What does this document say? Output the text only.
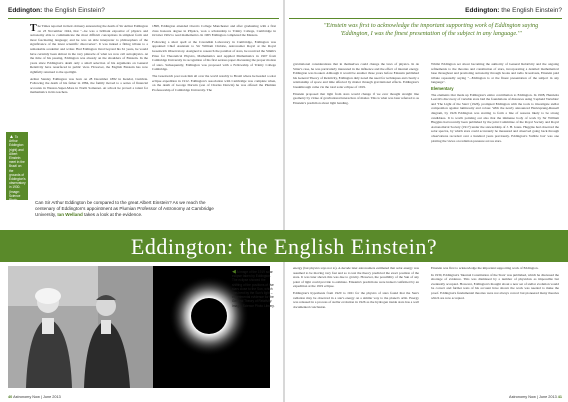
Eddington: the English Einstein?

The Times reported in their obituary announcing the death of Sir Arthur Eddington on 23 November 1944, that "...he was a brilliant expositor of physics and astronomy able to communicate the most difficult conceptions in simplest form and most fascinating language; and he was an able interpreter to philosophers of the significance of the latest scientific discoveries". It was indeed a fitting tribute to a remarkable academic and writer. Had Eddington lived beyond his 61 years, he would have certainly been almost in the very pinnacle of what we now call astrophysics. At the time of his passing, Eddington was already on the shoulders of Einstein. In the years since Eddington's death only a small selection of his arguments on General Relativity have resurfaced in public view. However, the English Einstein has now rightfully returned to the spotlight.

Arthur Stanley Eddington was born on 28 December 1882 in Kendal, Cumbria. Following the death of his father in 1884, the family moved to a series of financial accounts in Weston-Super-Mare in North Somerset. At school he proved a talent for mathematics in his teachers.

1898, Eddington attended Owen's College Manchester and after graduating with a first class honours degree in Physics, won a scholarship to Trinity College, Cambridge in October 1902 to read mathematics. In 1905 Eddington completed the Masters.

Following a short spell at the Cavendish Laboratory in Cambridge, Eddington was appointed Chief Assistant to Sir William Christie, Astronomer Royal at the Royal Greenwich Observatory. Assigned to research the parallax of stars, he received the Smith's Prize for Theoretical Physics, Mathematics and Applied Mathematics in 1907 from Cambridge University in recognition of his first serious paper discussing the proper motion of stars. Subsequently, Eddington was proposed with a Fellowship of Trinity College Cambridge.

The Greenwich post took him all over the world notably to Brazil where he headed a solar eclipse expedition in 1912. Eddington's association with Cambridge was complete when, on the death of George Darwin (son of Charles Darwin) he was offered the Plumian Professorship of Cambridge University. The

▲ To Arthur Eddington (right) and Albert Einstein meet in the Brazil on the grounds of Eddington's observatory in 1930. (Image: Science Photo Library)	Can Sir Arthur Eddington be compared to the great Albert Einstein? As we reach the centenary of Eddington's appointment as Plumian Professor of Astronomy at Cambridge University, Ian Welland takes a look at the evidence.
◀ A image of the 1919 solar eclipse taken by Eddington. The eclipse showed the shifting of the positions of five stars close to the Sun, which was bent by the Sun's light – experimental evidence for the General Theory of Relativity. Image: Science Photo Library.
40 Astronomy Now | June 2013
Eddington: the English Einstein?
"Einstein was first to acknowledge the important supporting work of Eddington saying 'Eddington, I was the finest presentation of the subject in any language.'"

gravitational considerations that in themselves could change the laws of physics. In de Sitter's case, he was particularly interested in the influence and the effect of internal energy. Eddington was hooked. Although it would be another three years before Einstein published his General Theory of Relativity, Eddington duly noted the need for techniques and clearly a relationship of space and time affected by matter through gravitational effects. Eddington's breakthrough came via the total solar eclipse of 1919.

Einstein proposed that light from stars would change if we ever thought straight line geometry by virtue of gravitational interaction of matter. This is what was later referred to as Einstein's prediction about light bending.

Whilst Eddington set about becoming the authority of General Relativity and the ongoing refinements to the theories and constitution of stars, incorporating a detailed mathematical base throughout and promoting astronomy through books and radio broadcasts, Einstein paid tribute repeatedly saying "...Eddington is at the finest presentation of the subject in any language".

Elementary

The elements that made up Eddington's entire contribution to Eddington. In 1908, Henrietta Leavitt's discovery of variable stars laid the foundations of distances using 'Cepheid Variables' and 'The Light of the Stars' (1926), prompted Eddington with the tools to investigate stellar composition against luminosity and colour. With the newly announced Hertzsprung-Russell diagram, by 1926 Eddington was starting to form a line of reasons likely to be strong candidates. It is worth pointing out also that the immense body of work by Sir William Huggins had recently been published by the joint Committee of the Royal Society and Royal Astronomical Society (1917) under the stewardship of J. H. Jeans. Huggins had observed the solar spectra, by which stars could accurately be measured and observed going back through observations recorded over a hundred years previously. Eddington's 'bubble box' was one plotting the views on radiation pressure across stars.

energy (but physics says not to). A decade later astronomers estimated that solar energy was assumed to be moving very fast and so to test the theory predicted the exact position of the stars. It was later shown this was due to gravity. However, the possibility of the Sun of any point of light could provide to estimate. Einstein's predictions were indeed confirmed by an expedition at the 1919 eclipse.

Eddington's hypothesis from 1920 to 1921 for the physics of stars found that the Sun's radiation may be observed in a star's energy on a similar way to the planet's orbit. Energy was released in a process of stellar evolution in 1926 as the hydrogen inside stars has a well documented conclusion.

Einstein was first to acknowledge the important supporting work of Eddington.

In 1930, Eddington's 'Internal Constitution of the Stars' was published, which he discussed the shortage of evidence. This was dismissed by a number of physicists as impossible but eventually accepted. However, Eddington's thought about a new set of stellar evolution would be correct and further tests of his account have shown the work was needed to make the proof. Eddington's fundamental theories were not always correct but pioneered many theories which are now accepted.

Astronomy Now | June 2013 41
Eddington: the English Einstein?
